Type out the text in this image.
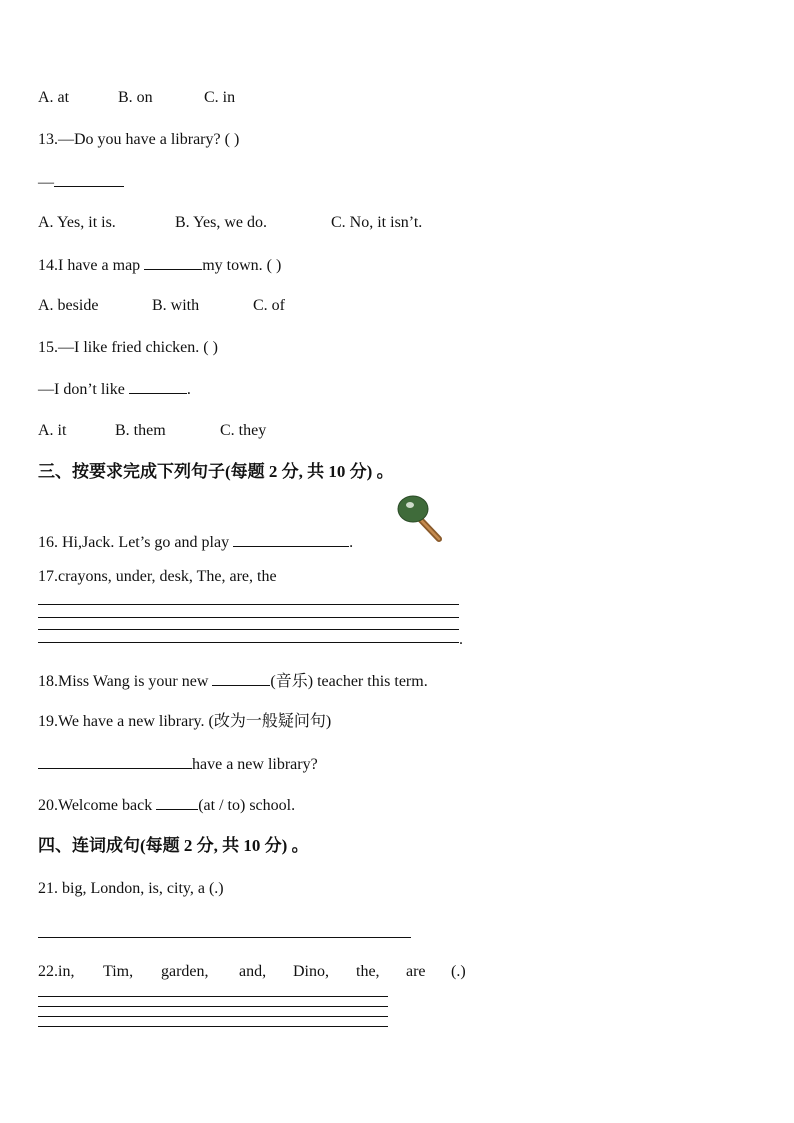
A. at	B. on	C. in
13.—Do you have a library? ( )
—
A. Yes, it is.	B. Yes, we do.	C. No, it isn’t.
14.I have a map	my town. ( )
A. beside	B. with	C. of
15.—I like fried chicken. ( )
—I don’t like	.
A. it	B. them	C. they
三、按要求完成下列句子(每题 2 分, 共 10 分) 。
16. Hi,Jack. Let’s go and play	.
17.crayons, under, desk, The, are, the
.
18.Miss Wang is your new	(音乐) teacher this term.
19.We have a new library. (改为一般疑问句)
have a new library?
20.Welcome back	(at / to) school.
四、连词成句(每题 2 分, 共 10 分) 。
21. big, London, is, city, a (.)
22.in, Tim, garden, and, Dino, the, are (.)
